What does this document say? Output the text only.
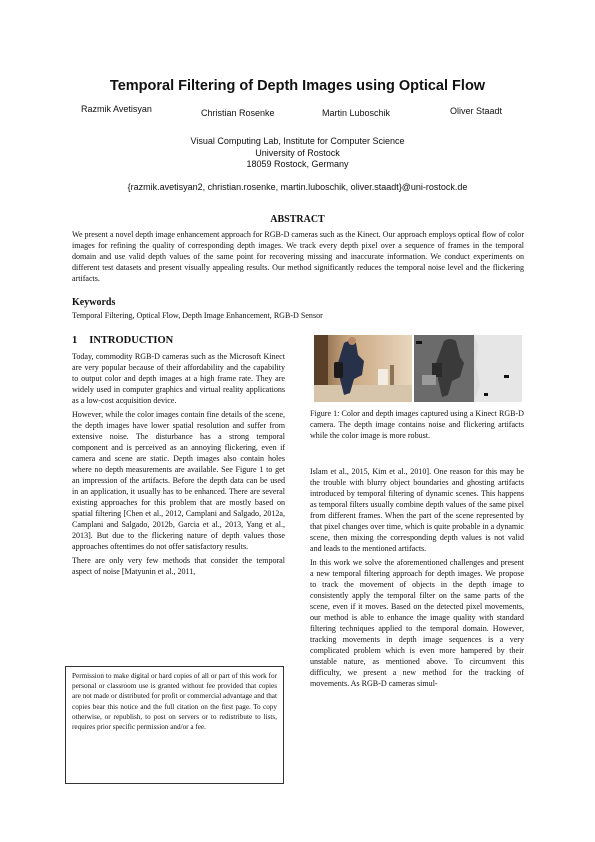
Temporal Filtering of Depth Images using Optical Flow
Razmik Avetisyan	Christian Rosenke	Martin Luboschik	Oliver Staadt
Visual Computing Lab, Institute for Computer Science
University of Rostock
18059 Rostock, Germany
{razmik.avetisyan2, christian.rosenke, martin.luboschik, oliver.staadt}@uni-rostock.de
ABSTRACT
We present a novel depth image enhancement approach for RGB-D cameras such as the Kinect. Our approach employs optical flow of color images for refining the quality of corresponding depth images. We track every depth pixel over a sequence of frames in the temporal domain and use valid depth values of the same point for recovering missing and inaccurate information. We conduct experiments on different test datasets and present visually appealing results. Our method significantly reduces the temporal noise level and the flickering artifacts.
Keywords
Temporal Filtering, Optical Flow, Depth Image Enhancement, RGB-D Sensor
1 INTRODUCTION

Today, commodity RGB-D cameras such as the Microsoft Kinect are very popular because of their affordability and the capability to output color and depth images at a high frame rate. They are widely used in computer graphics and virtual reality applications as a low-cost acquisition device.

However, while the color images contain fine details of the scene, the depth images have lower spatial resolution and suffer from extensive noise. The disturbance has a strong temporal component and is perceived as an annoying flickering, even if camera and scene are static. Depth images also contain holes where no depth measurements are available. See Figure 1 to get an impression of the artifacts. Before the depth data can be used in an application, it usually has to be enhanced. There are several existing approaches for this problem that are mostly based on spatial filtering [Chen et al., 2012, Camplani and Salgado, 2012a, Camplani and Salgado, 2012b, Garcia et al., 2013, Yang et al., 2013]. But due to the flickering nature of depth values those approaches oftentimes do not offer satisfactory results.

There are only very few methods that consider the temporal aspect of noise [Matyunin et al., 2011,

Figure 1: Color and depth images captured using a Kinect RGB-D camera. The depth image contains noise and flickering artifacts while the color image is more robust.

Islam et al., 2015, Kim et al., 2010]. One reason for this may be the trouble with blurry object boundaries and ghosting artifacts introduced by temporal filtering of dynamic scenes. This happens as temporal filters usually combine depth values of the same pixel from different frames. When the part of the scene represented by that pixel changes over time, which is quite probable in a dynamic scene, then mixing the corresponding depth values is not valid and leads to the mentioned artifacts.

In this work we solve the aforementioned challenges and present a new temporal filtering approach for depth images. We propose to track the movement of objects in the depth image to consistently apply the temporal filter on the same parts of the scene, even if it moves. Based on the detected pixel movements, our method is able to enhance the image quality with standard filtering techniques applied to the temporal domain. However, tracking movements in depth image sequences is a very complicated problem which is even more hampered by their unstable nature, as mentioned above. To circumvent this difficulty, we present a new method for the tracking of movements. As RGB-D cameras simul-

Permission to make digital or hard copies of all or part of this work for personal or classroom use is granted without fee provided that copies are not made or distributed for profit or commercial advantage and that copies bear this notice and the full citation on the first page. To copy otherwise, or republish, to post on servers or to redistribute to lists, requires prior specific permission and/or a fee.
